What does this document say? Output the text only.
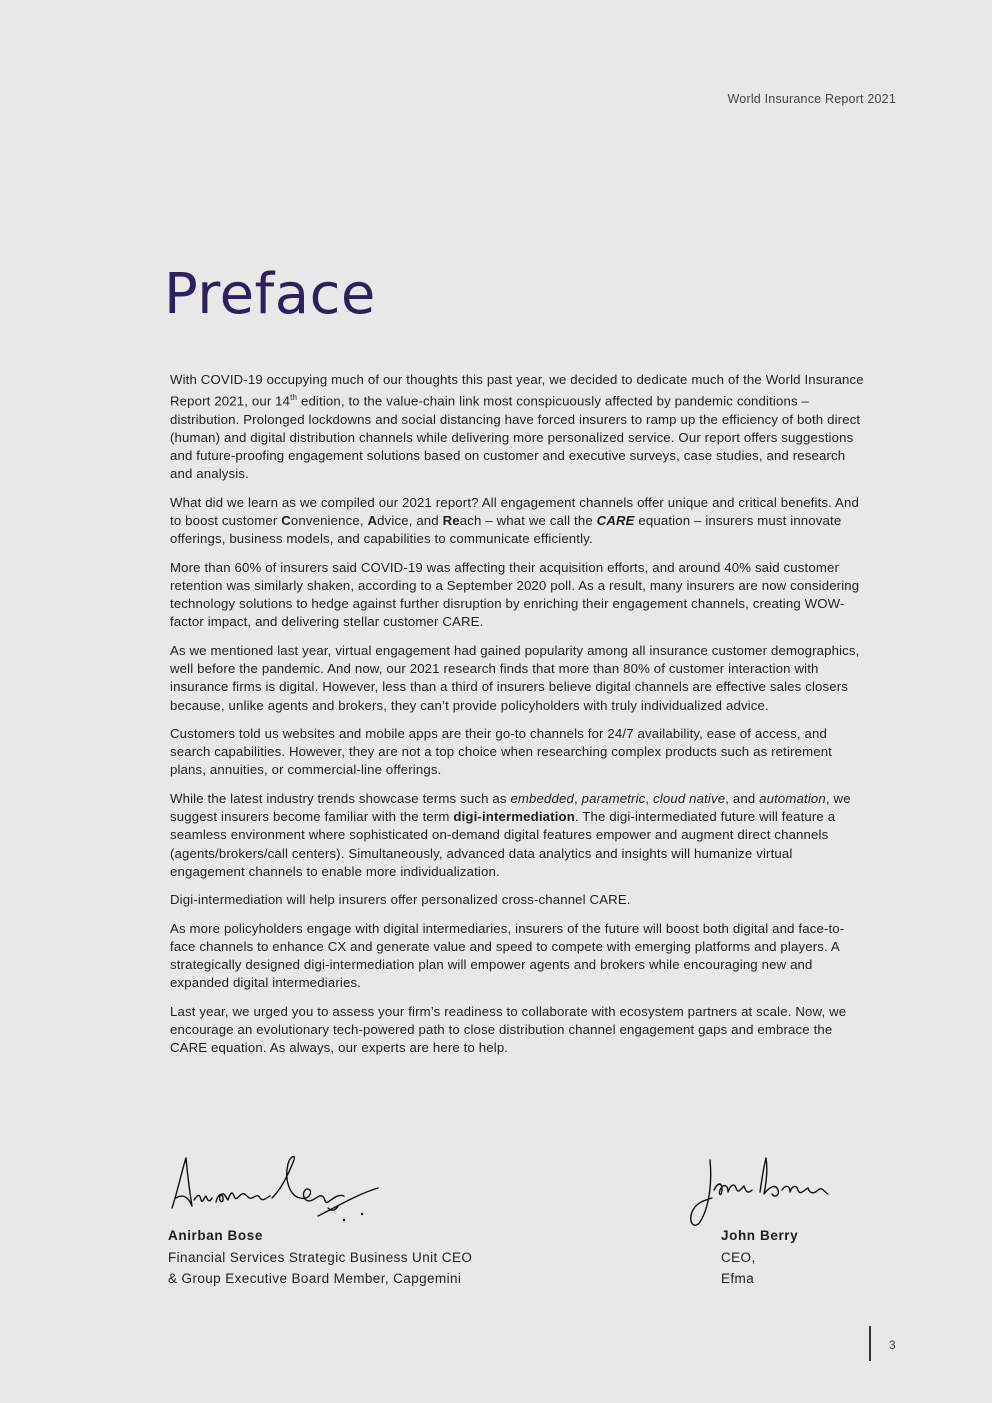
World Insurance Report 2021
Preface

With COVID-19 occupying much of our thoughts this past year, we decided to dedicate much of the World Insurance Report 2021, our 14th edition, to the value-chain link most conspicuously affected by pandemic conditions – distribution. Prolonged lockdowns and social distancing have forced insurers to ramp up the efficiency of both direct (human) and digital distribution channels while delivering more personalized service. Our report offers suggestions and future-proofing engagement solutions based on customer and executive surveys, case studies, and research and analysis.

What did we learn as we compiled our 2021 report? All engagement channels offer unique and critical benefits. And to boost customer Convenience, Advice, and Reach – what we call the CARE equation – insurers must innovate offerings, business models, and capabilities to communicate efficiently.

More than 60% of insurers said COVID-19 was affecting their acquisition efforts, and around 40% said customer retention was similarly shaken, according to a September 2020 poll. As a result, many insurers are now considering technology solutions to hedge against further disruption by enriching their engagement channels, creating WOW-factor impact, and delivering stellar customer CARE.

As we mentioned last year, virtual engagement had gained popularity among all insurance customer demographics, well before the pandemic. And now, our 2021 research finds that more than 80% of customer interaction with insurance firms is digital. However, less than a third of insurers believe digital channels are effective sales closers because, unlike agents and brokers, they can’t provide policyholders with truly individualized advice.

Customers told us websites and mobile apps are their go-to channels for 24/7 availability, ease of access, and search capabilities. However, they are not a top choice when researching complex products such as retirement plans, annuities, or commercial-line offerings.

While the latest industry trends showcase terms such as embedded, parametric, cloud native, and automation, we suggest insurers become familiar with the term digi-intermediation. The digi-intermediated future will feature a seamless environment where sophisticated on-demand digital features empower and augment direct channels (agents/brokers/call centers). Simultaneously, advanced data analytics and insights will humanize virtual engagement channels to enable more individualization.

Digi-intermediation will help insurers offer personalized cross-channel CARE.

As more policyholders engage with digital intermediaries, insurers of the future will boost both digital and face-to-face channels to enhance CX and generate value and speed to compete with emerging platforms and players. A strategically designed digi-intermediation plan will empower agents and brokers while encouraging new and expanded digital intermediaries.

Last year, we urged you to assess your firm’s readiness to collaborate with ecosystem partners at scale. Now, we encourage an evolutionary tech-powered path to close distribution channel engagement gaps and embrace the CARE equation. As always, our experts are here to help.

Anirban Bose
Financial Services Strategic Business Unit CEO
& Group Executive Board Member, Capgemini
John Berry
CEO,
Efma
3
